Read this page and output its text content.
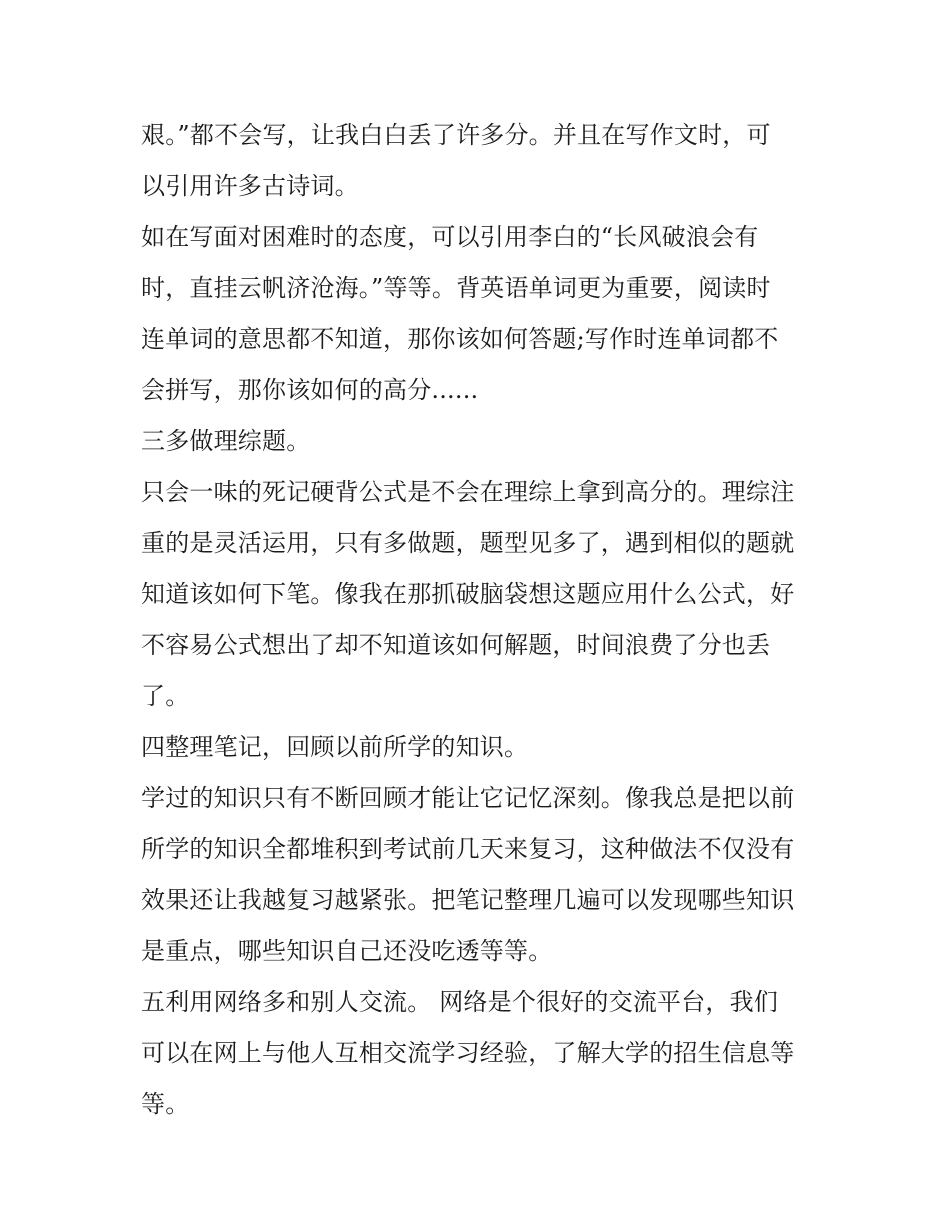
艰。”都不会写，让我白白丢了许多分。并且在写作文时，可
以引用许多古诗词。
如在写面对困难时的态度，可以引用李白的“长风破浪会有
时，直挂云帆济沧海。”等等。背英语单词更为重要，阅读时
连单词的意思都不知道，那你该如何答题;写作时连单词都不
会拼写，那你该如何的高分......
三多做理综题。
只会一味的死记硬背公式是不会在理综上拿到高分的。理综注
重的是灵活运用，只有多做题，题型见多了，遇到相似的题就
知道该如何下笔。像我在那抓破脑袋想这题应用什么公式，好
不容易公式想出了却不知道该如何解题，时间浪费了分也丢
了。
四整理笔记，回顾以前所学的知识。
学过的知识只有不断回顾才能让它记忆深刻。像我总是把以前
所学的知识全都堆积到考试前几天来复习，这种做法不仅没有
效果还让我越复习越紧张。把笔记整理几遍可以发现哪些知识
是重点，哪些知识自己还没吃透等等。
五利用网络多和别人交流。 网络是个很好的交流平台，我们
可以在网上与他人互相交流学习经验，了解大学的招生信息等
等。
